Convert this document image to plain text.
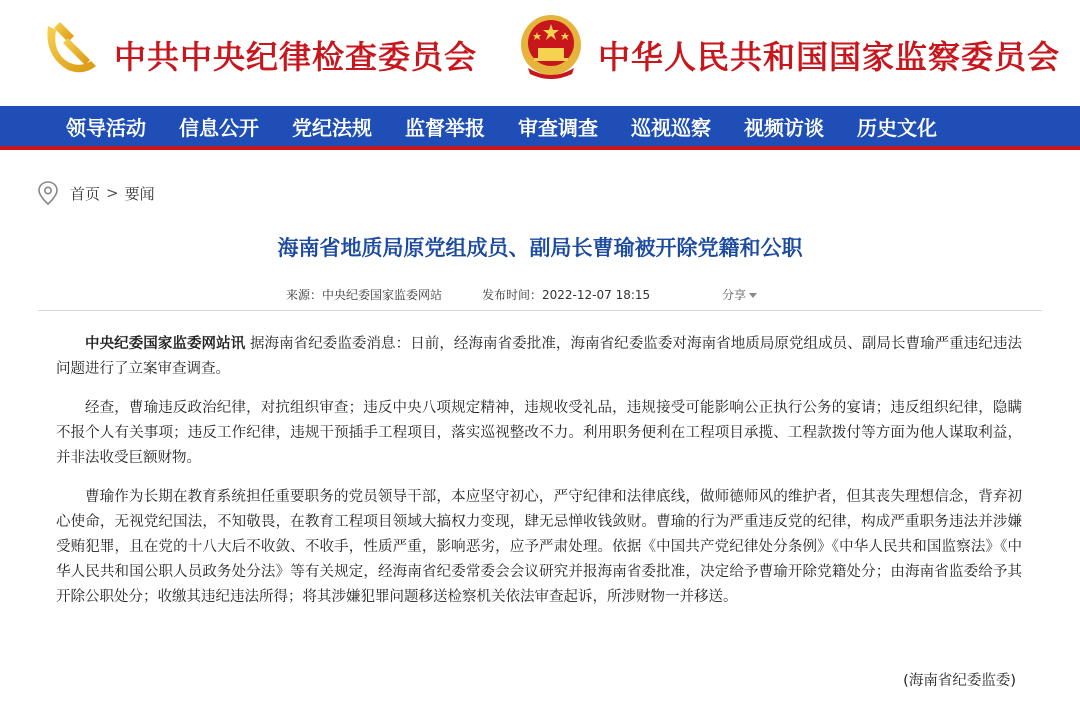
中共中央纪律检查委员会	中华人民共和国国家监察委员会
领导活动 信息公开 党纪法规 监督举报 审查调查 巡视巡察 视频访谈 历史文化
首页 > 要闻
海南省地质局原党组成员、副局长曹瑜被开除党籍和公职
来源：中央纪委国家监委网站	发布时间：2022-12-07 18:15	分享

中央纪委国家监委网站讯 据海南省纪委监委消息：日前，经海南省委批准，海南省纪委监委对海南省地质局原党组成员、副局长曹瑜严重违纪违法问题进行了立案审查调查。

经查，曹瑜违反政治纪律，对抗组织审查；违反中央八项规定精神，违规收受礼品，违规接受可能影响公正执行公务的宴请；违反组织纪律，隐瞒不报个人有关事项；违反工作纪律，违规干预插手工程项目，落实巡视整改不力。利用职务便利在工程项目承揽、工程款拨付等方面为他人谋取利益，并非法收受巨额财物。

曹瑜作为长期在教育系统担任重要职务的党员领导干部，本应坚守初心，严守纪律和法律底线，做师德师风的维护者，但其丧失理想信念，背弃初心使命，无视党纪国法，不知敬畏，在教育工程项目领域大搞权力变现，肆无忌惮收钱敛财。曹瑜的行为严重违反党的纪律，构成严重职务违法并涉嫌受贿犯罪，且在党的十八大后不收敛、不收手，性质严重，影响恶劣，应予严肃处理。依据《中国共产党纪律处分条例》《中华人民共和国监察法》《中华人民共和国公职人员政务处分法》等有关规定，经海南省纪委常委会会议研究并报海南省委批准，决定给予曹瑜开除党籍处分；由海南省监委给予其开除公职处分；收缴其违纪违法所得；将其涉嫌犯罪问题移送检察机关依法审查起诉，所涉财物一并移送。

(海南省纪委监委)
